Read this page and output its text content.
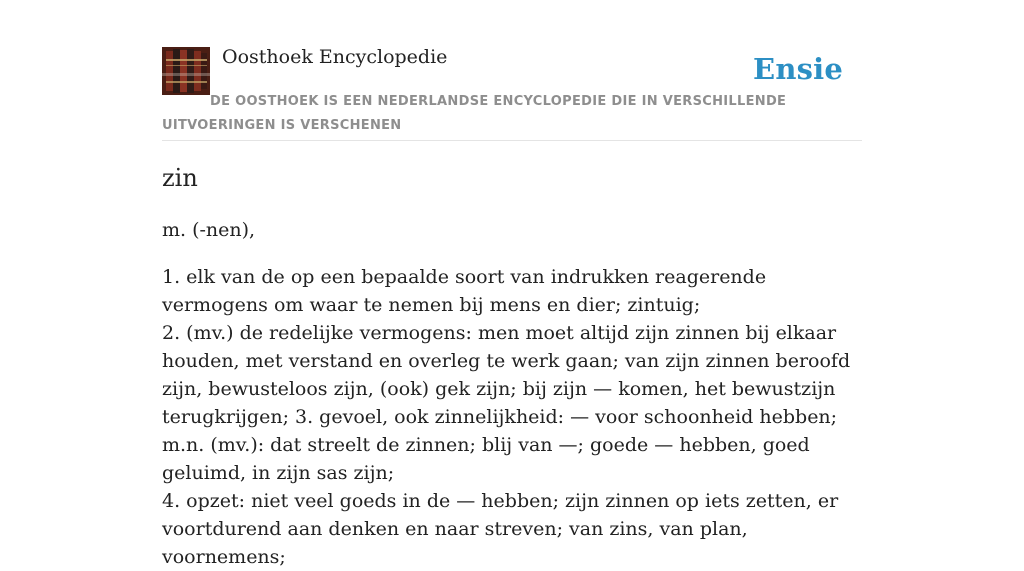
Oosthoek Encyclopedie	Ensie

DE OOSTHOEK IS EEN NEDERLANDSE ENCYCLOPEDIE DIE IN VERSCHILLENDE UITVOERINGEN IS VERSCHENEN

zin

m. (-nen),

1. elk van de op een bepaalde soort van indrukken reagerende vermogens om waar te nemen bij mens en dier; zintuig;
2. (mv.) de redelijke vermogens: men moet altijd zijn zinnen bij elkaar houden, met verstand en overleg te werk gaan; van zijn zinnen beroofd zijn, bewusteloos zijn, (ook) gek zijn; bij zijn — komen, het bewustzijn terugkrijgen; 3. gevoel, ook zinnelijkheid: — voor schoonheid hebben; m.n. (mv.): dat streelt de zinnen; blij van —; goede — hebben, goed geluimd, in zijn sas zijn;
4. opzet: niet veel goeds in de — hebben; zijn zinnen op iets zetten, er voortdurend aan denken en naar streven; van zins, van plan, voornemens;
